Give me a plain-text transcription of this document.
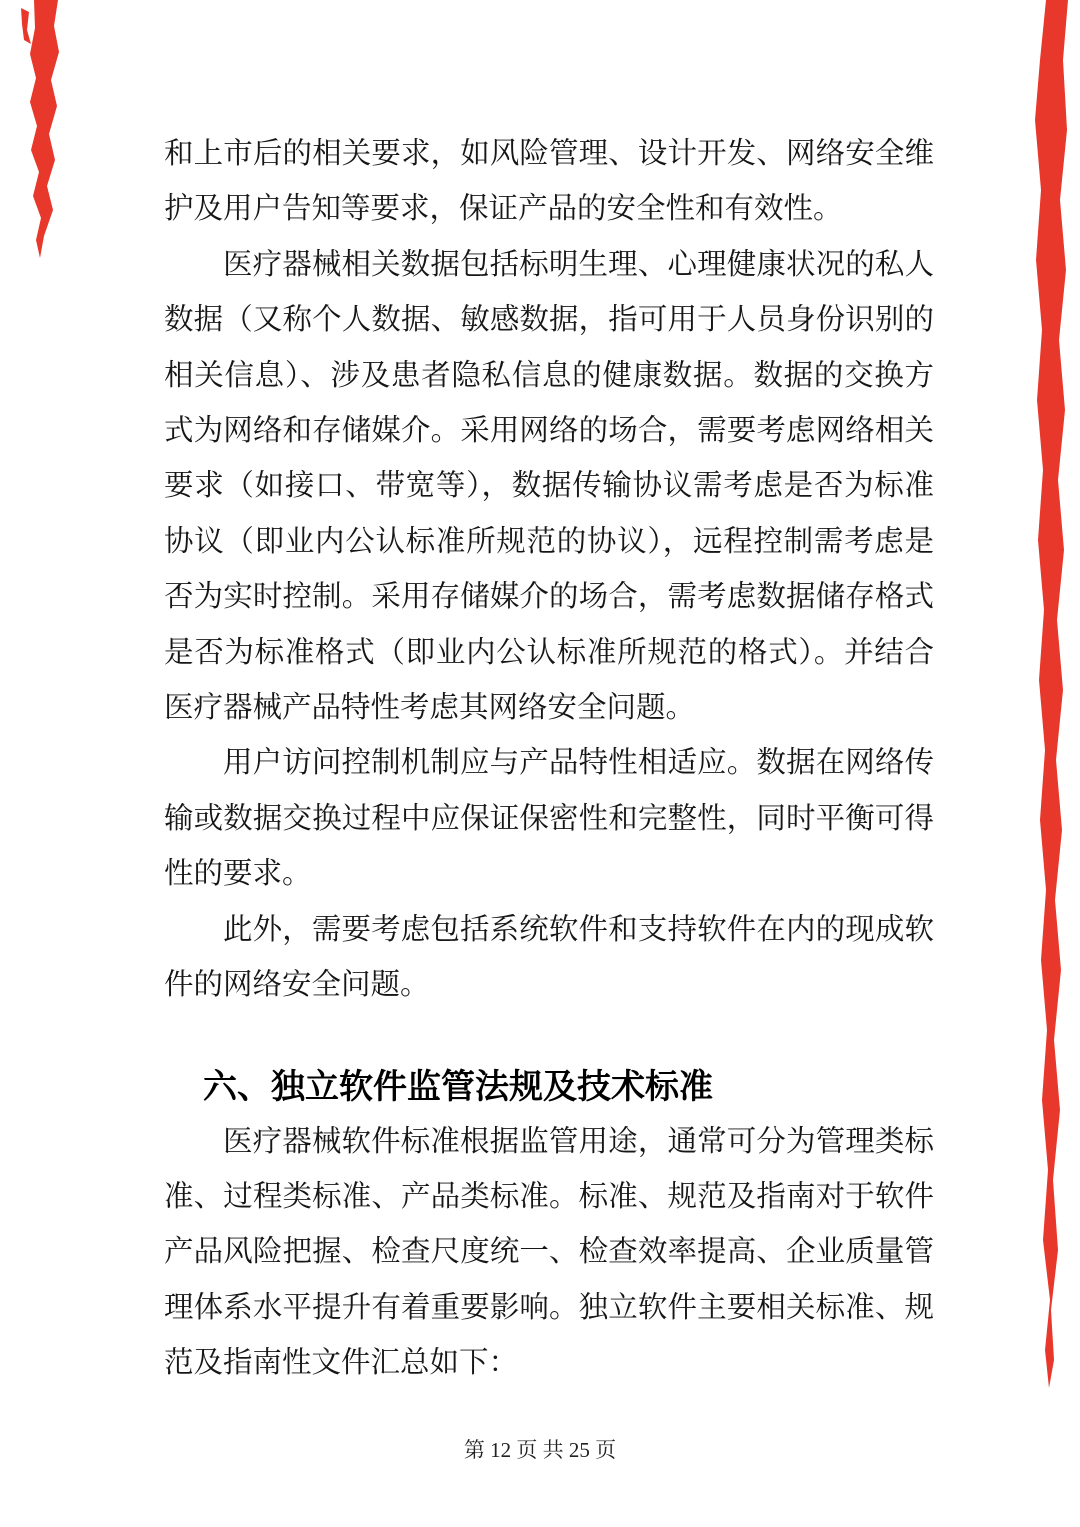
和上市后的相关要求，如风险管理、设计开发、网络安全维护及用户告知等要求，保证产品的安全性和有效性。

医疗器械相关数据包括标明生理、心理健康状况的私人数据（又称个人数据、敏感数据，指可用于人员身份识别的相关信息）、涉及患者隐私信息的健康数据。数据的交换方式为网络和存储媒介。采用网络的场合，需要考虑网络相关要求（如接口、带宽等），数据传输协议需考虑是否为标准协议（即业内公认标准所规范的协议），远程控制需考虑是否为实时控制。采用存储媒介的场合，需考虑数据储存格式是否为标准格式（即业内公认标准所规范的格式）。并结合医疗器械产品特性考虑其网络安全问题。

用户访问控制机制应与产品特性相适应。数据在网络传输或数据交换过程中应保证保密性和完整性，同时平衡可得性的要求。

此外，需要考虑包括系统软件和支持软件在内的现成软件的网络安全问题。

六、独立软件监管法规及技术标准

医疗器械软件标准根据监管用途，通常可分为管理类标准、过程类标准、产品类标准。标准、规范及指南对于软件产品风险把握、检查尺度统一、检查效率提高、企业质量管理体系水平提升有着重要影响。独立软件主要相关标准、规范及指南性文件汇总如下：

第 12 页 共 25 页
